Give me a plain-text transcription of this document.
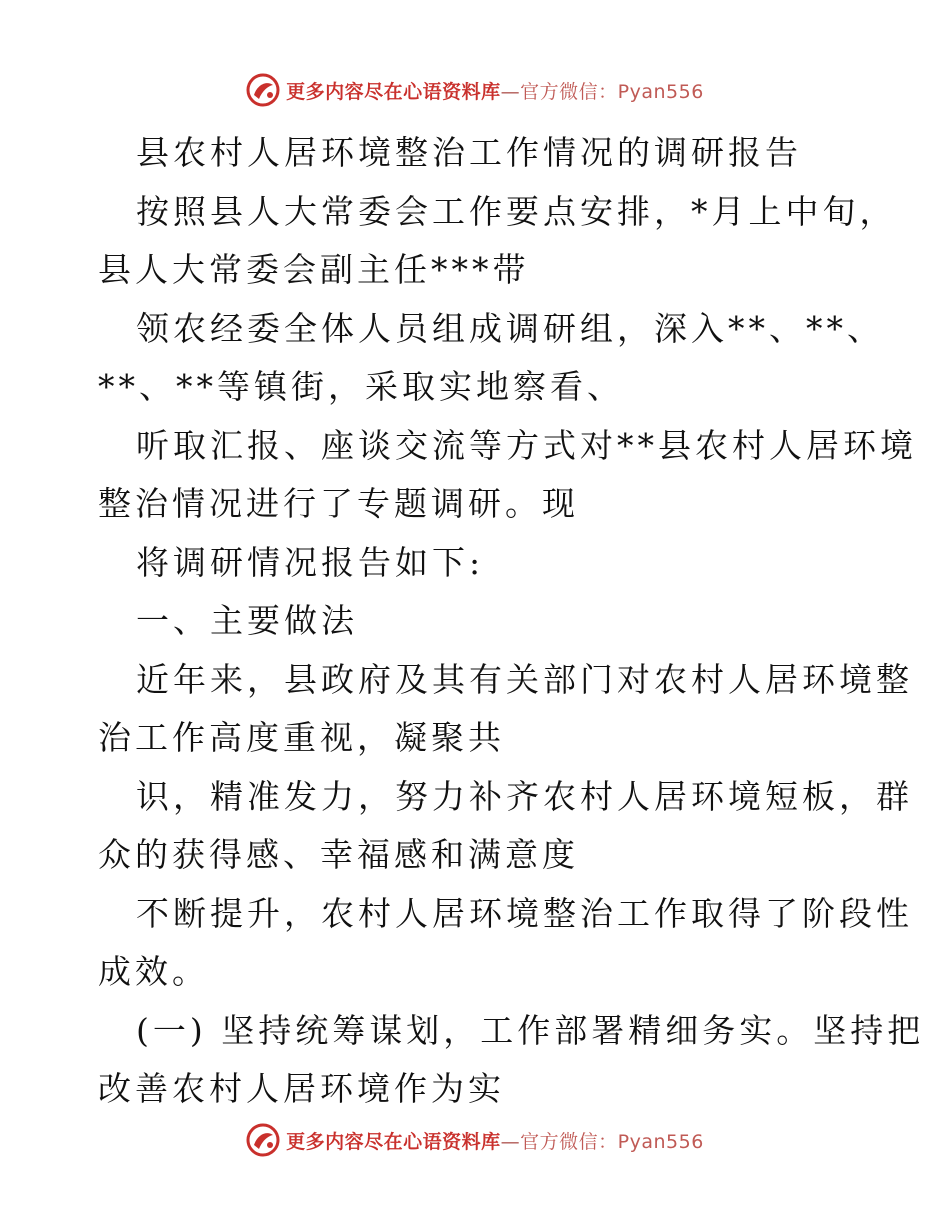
更多内容尽在心语资料库—官方微信：Pyan556
县农村人居环境整治工作情况的调研报告
按照县人大常委会工作要点安排，*月上中旬，
县人大常委会副主任***带
领农经委全体人员组成调研组，深入**、**、
**、**等镇街，采取实地察看、
听取汇报、座谈交流等方式对**县农村人居环境
整治情况进行了专题调研。现
将调研情况报告如下:
一、主要做法
近年来，县政府及其有关部门对农村人居环境整
治工作高度重视，凝聚共
识，精准发力，努力补齐农村人居环境短板，群
众的获得感、幸福感和满意度
不断提升，农村人居环境整治工作取得了阶段性
成效。
(一) 坚持统筹谋划，工作部署精细务实。坚持把
改善农村人居环境作为实
更多内容尽在心语资料库—官方微信：Pyan556
